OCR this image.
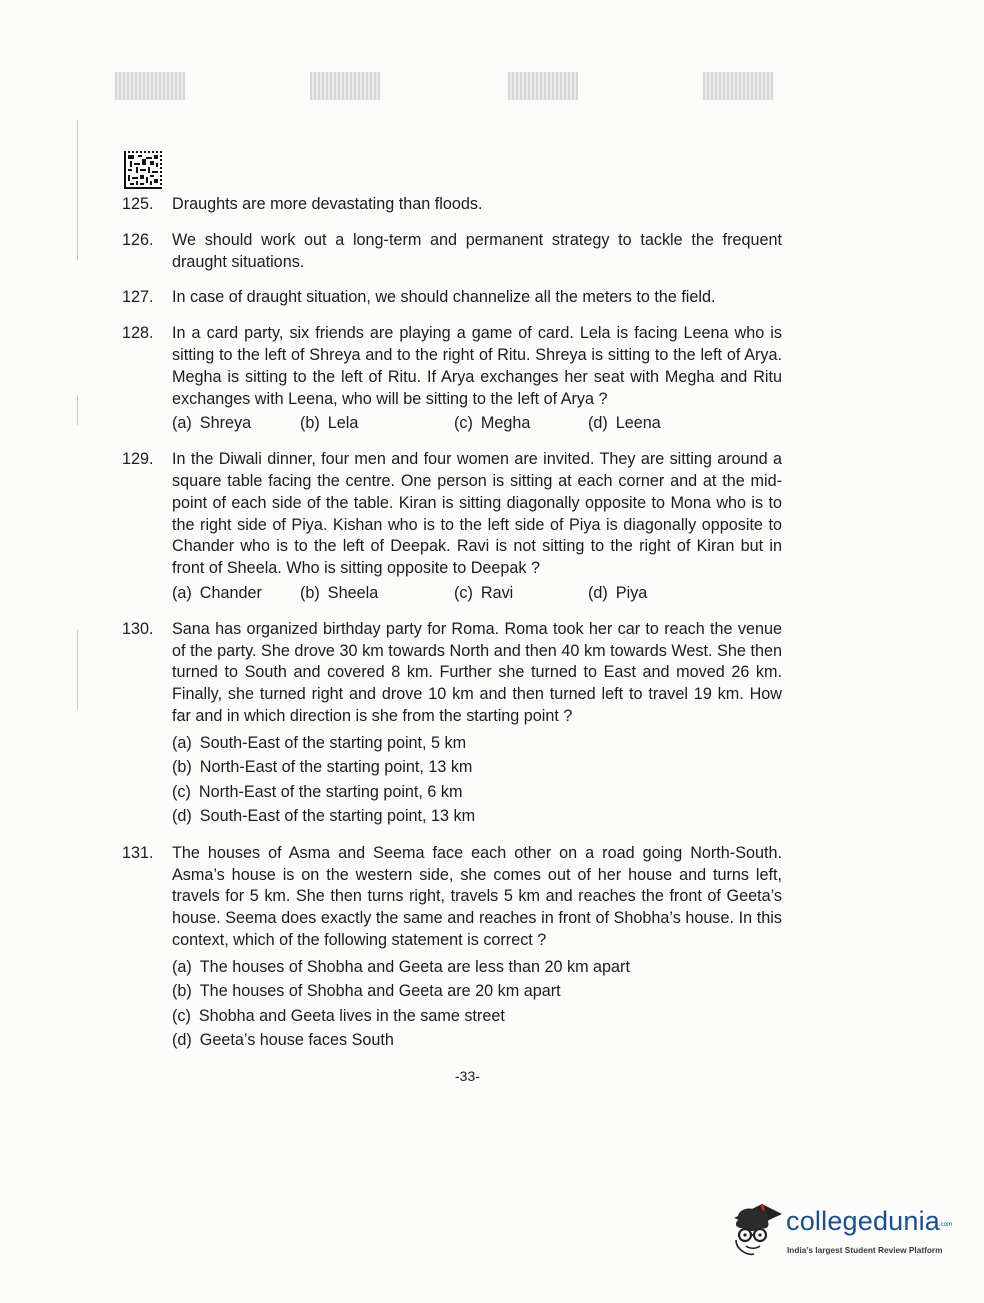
125.	Draughts are more devastating than floods.
126.	We should work out a long-term and permanent strategy to tackle the frequent draught situations.
127.	In case of draught situation, we should channelize all the meters to the field.
128.	In a card party, six friends are playing a game of card. Lela is facing Leena who is sitting to the left of Shreya and to the right of Ritu. Shreya is sitting to the left of Arya. Megha is sitting to the left of Ritu. If Arya exchanges her seat with Megha and Ritu exchanges with Leena, who will be sitting to the left of Arya ?
(a) Shreya	(b) Lela	(c) Megha	(d) Leena
129.	In the Diwali dinner, four men and four women are invited. They are sitting around a square table facing the centre. One person is sitting at each corner and at the mid-point of each side of the table. Kiran is sitting diagonally opposite to Mona who is to the right side of Piya. Kishan who is to the left side of Piya is diagonally opposite to Chander who is to the left of Deepak. Ravi is not sitting to the right of Kiran but in front of Sheela. Who is sitting opposite to Deepak ?
(a) Chander (b) Sheela	(c) Ravi	(d) Piya
130.	Sana has organized birthday party for Roma. Roma took her car to reach the venue of the party. She drove 30 km towards North and then 40 km towards West. She then turned to South and covered 8 km. Further she turned to East and moved 26 km. Finally, she turned right and drove 10 km and then turned left to travel 19 km. How far and in which direction is she from the starting point ?
(a) South-East of the starting point, 5 km
(b) North-East of the starting point, 13 km
(c) North-East of the starting point, 6 km
(d) South-East of the starting point, 13 km
131.	The houses of Asma and Seema face each other on a road going North-South. Asma’s house is on the western side, she comes out of her house and turns left, travels for 5 km. She then turns right, travels 5 km and reaches the front of Geeta’s house. Seema does exactly the same and reaches in front of Shobha’s house. In this context, which of the following statement is correct ?
(a) The houses of Shobha and Geeta are less than 20 km apart
(b) The houses of Shobha and Geeta are 20 km apart
(c) Shobha and Geeta lives in the same street
(d) Geeta’s house faces South
-33-
collegedunia
.com
India’s largest Student Review Platform
